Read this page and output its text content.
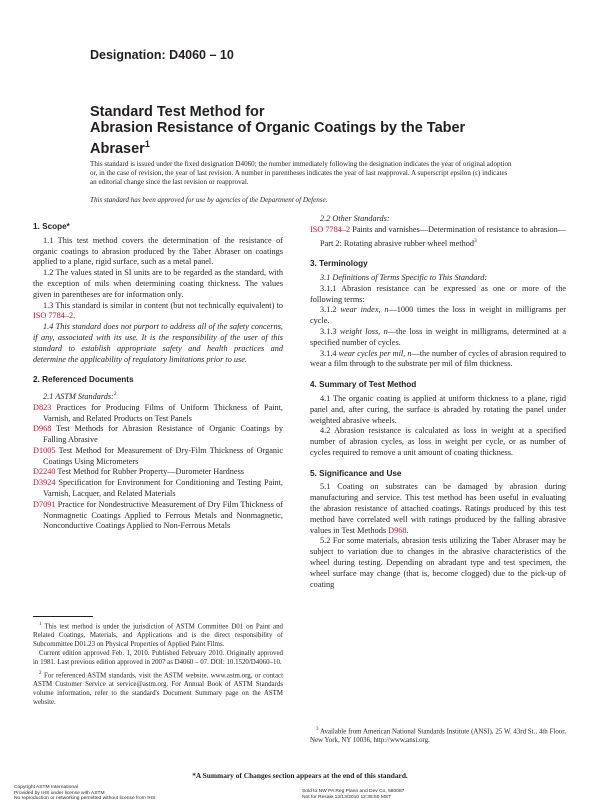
Designation: D4060 – 10
Standard Test Method for
Abrasion Resistance of Organic Coatings by the Taber
Abraser$^1$
This standard is issued under the fixed designation D4060; the number immediately following the designation indicates the year of original adoption or, in the case of revision, the year of last revision. A number in parentheses indicates the year of last reapproval. A superscript epsilon (ε) indicates an editorial change since the last revision or reapproval.
This standard has been approved for use by agencies of the Department of Defense.
1. Scope*

1.1 This test method covers the determination of the resistance of organic coatings to abrasion produced by the Taber Abraser on coatings applied to a plane, rigid surface, such as a metal panel.

1.2 The values stated in SI units are to be regarded as the standard, with the exception of mils when determining coating thickness. The values given in parentheses are for information only.

1.3 This standard is similar in content (but not technically equivalent) to ISO 7784–2.

1.4 This standard does not purport to address all of the safety concerns, if any, associated with its use. It is the responsibility of the user of this standard to establish appropriate safety and health practices and determine the applicability of regulatory limitations prior to use.

2. Referenced Documents

2.1 ASTM Standards:$^2$

D823 Practices for Producing Films of Uniform Thickness of Paint, Varnish, and Related Products on Test Panels

D968 Test Methods for Abrasion Resistance of Organic Coatings by Falling Abrasive

D1005 Test Method for Measurement of Dry-Film Thickness of Organic Coatings Using Micrometers

D2240 Test Method for Rubber Property—Durometer Hardness

D3924 Specification for Environment for Conditioning and Testing Paint, Varnish, Lacquer, and Related Materials

D7091 Practice for Nondestructive Measurement of Dry Film Thickness of Nonmagnetic Coatings Applied to Ferrous Metals and Nonmagnetic, Nonconductive Coatings Applied to Non-Ferrous Metals

2.2 Other Standards:

ISO 7784–2 Paints and varnishes—Determination of resistance to abrasion—Part 2: Rotating abrasive rubber wheel method$^3$

3. Terminology

3.1 Definitions of Terms Specific to This Standard:

3.1.1 Abrasion resistance can be expressed as one or more of the following terms:

3.1.2 wear index, n—1000 times the loss in weight in milligrams per cycle.

3.1.3 weight loss, n—the loss in weight in milligrams, determined at a specified number of cycles.

3.1.4 wear cycles per mil, n—the number of cycles of abrasion required to wear a film through to the substrate per mil of film thickness.

4. Summary of Test Method

4.1 The organic coating is applied at uniform thickness to a plane, rigid panel and, after curing, the surface is abraded by rotating the panel under weighted abrasive wheels.

4.2 Abrasion resistance is calculated as loss in weight at a specified number of abrasion cycles, as loss in weight per cycle, or as number of cycles required to remove a unit amount of coating thickness.

5. Significance and Use

5.1 Coating on substrates can be damaged by abrasion during manufacturing and service. This test method has been useful in evaluating the abrasion resistance of attached coatings. Ratings produced by this test method have correlated well with ratings produced by the falling abrasive values in Test Methods D968.

5.2 For some materials, abrasion tests utilizing the Taber Abraser may be subject to variation due to changes in the abrasive characteristics of the wheel during testing. Depending on abradant type and test specimen, the wheel surface may change (that is, become clogged) due to the pick-up of coating

$^1$ This test method is under the jurisdiction of ASTM Committee D01 on Paint and Related Coatings, Materials, and Applications and is the direct responsibility of Subcommittee D01.23 on Physical Properties of Applied Paint Films.

Current edition approved Feb. 1, 2010. Published February 2010. Originally approved in 1981. Last previous edition approved in 2007 as D4060 – 07. DOI: 10.1520/D4060–10.

$^2$ For referenced ASTM standards, visit the ASTM website, www.astm.org, or contact ASTM Customer Service at service@astm.org. For Annual Book of ASTM Standards volume information, refer to the standard's Document Summary page on the ASTM website.

$^3$ Available from American National Standards Institute (ANSI), 25 W. 43rd St., 4th Floor, New York, NY 10036, http://www.ansi.org.

*A Summary of Changes section appears at the end of this standard.
Copyright ASTM International
Provided by IHS under license with ASTM
No reproduction or networking permitted without license from IHS
Sold to:NW PA Reg Plann and Dev Co, 580087
Not for Resale,12/13/2010 12:35:50 MST
